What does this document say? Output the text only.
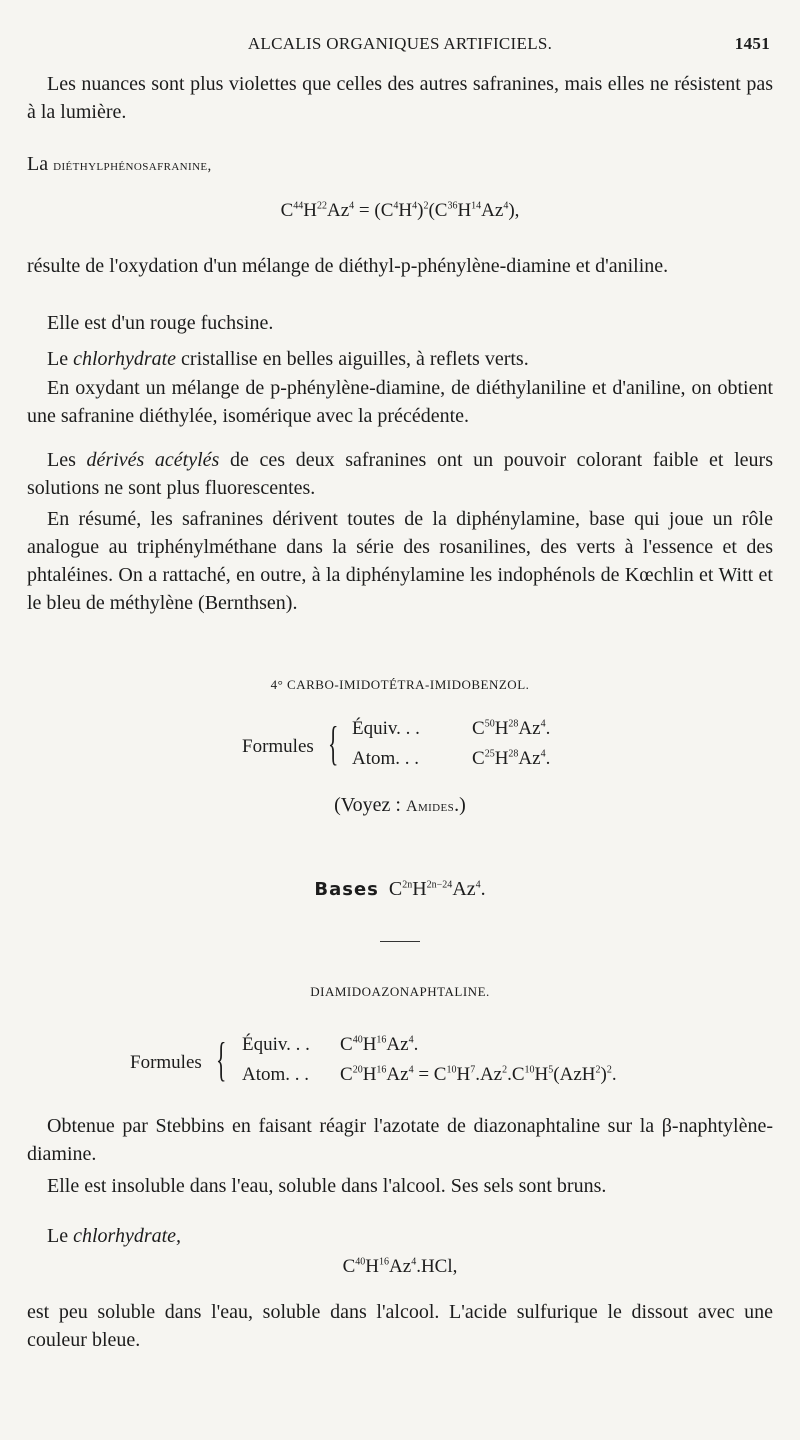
ALCALIS ORGANIQUES ARTIFICIELS.	1451

Les nuances sont plus violettes que celles des autres safranines, mais elles ne résistent pas à la lumière.

La diéthylphénosafranine,

$C^{44}H^{22}Az^4 = (C^4H^4)^2(C^{36}H^{14}Az^4)$,

résulte de l'oxydation d'un mélange de diéthyl-p-phénylène-diamine et d'aniline.

Elle est d'un rouge fuchsine.

Le chlorhydrate cristallise en belles aiguilles, à reflets verts.

En oxydant un mélange de p-phénylène-diamine, de diéthylaniline et d'aniline, on obtient une safranine diéthylée, isomérique avec la précédente.

Les dérivés acétylés de ces deux safranines ont un pouvoir colorant faible et leurs solutions ne sont plus fluorescentes.

En résumé, les safranines dérivent toutes de la diphénylamine, base qui joue un rôle analogue au triphénylméthane dans la série des rosanilines, des verts à l'essence et des phtaléines. On a rattaché, en outre, à la diphénylamine les indophénols de Kœchlin et Witt et le bleu de méthylène (Bernthsen).

4° CARBO-IMIDOTÉTRA-IMIDOBENZOL.
Formules { Équiv. . .	$C^{50}H^{28}Az^4$.
Atom. . .	$C^{25}H^{28}Az^4$.
(Voyez : Amides.)
Bases $C^{2n}H^{2n-24}Az^4$.
DIAMIDOAZONAPHTALINE.
Formules { Équiv. . . $C^{40}H^{16}Az^4$.
Atom. . . $C^{20}H^{16}Az^4 = C^{10}H^7.Az^2.C^{10}H^5(AzH^2)^2$.

Obtenue par Stebbins en faisant réagir l'azotate de diazonaphtaline sur la β-naphtylène-diamine.

Elle est insoluble dans l'eau, soluble dans l'alcool. Ses sels sont bruns.

Le chlorhydrate,

$C^{40}H^{16}Az^4.HCl$,

est peu soluble dans l'eau, soluble dans l'alcool. L'acide sulfurique le dissout avec une couleur bleue.
